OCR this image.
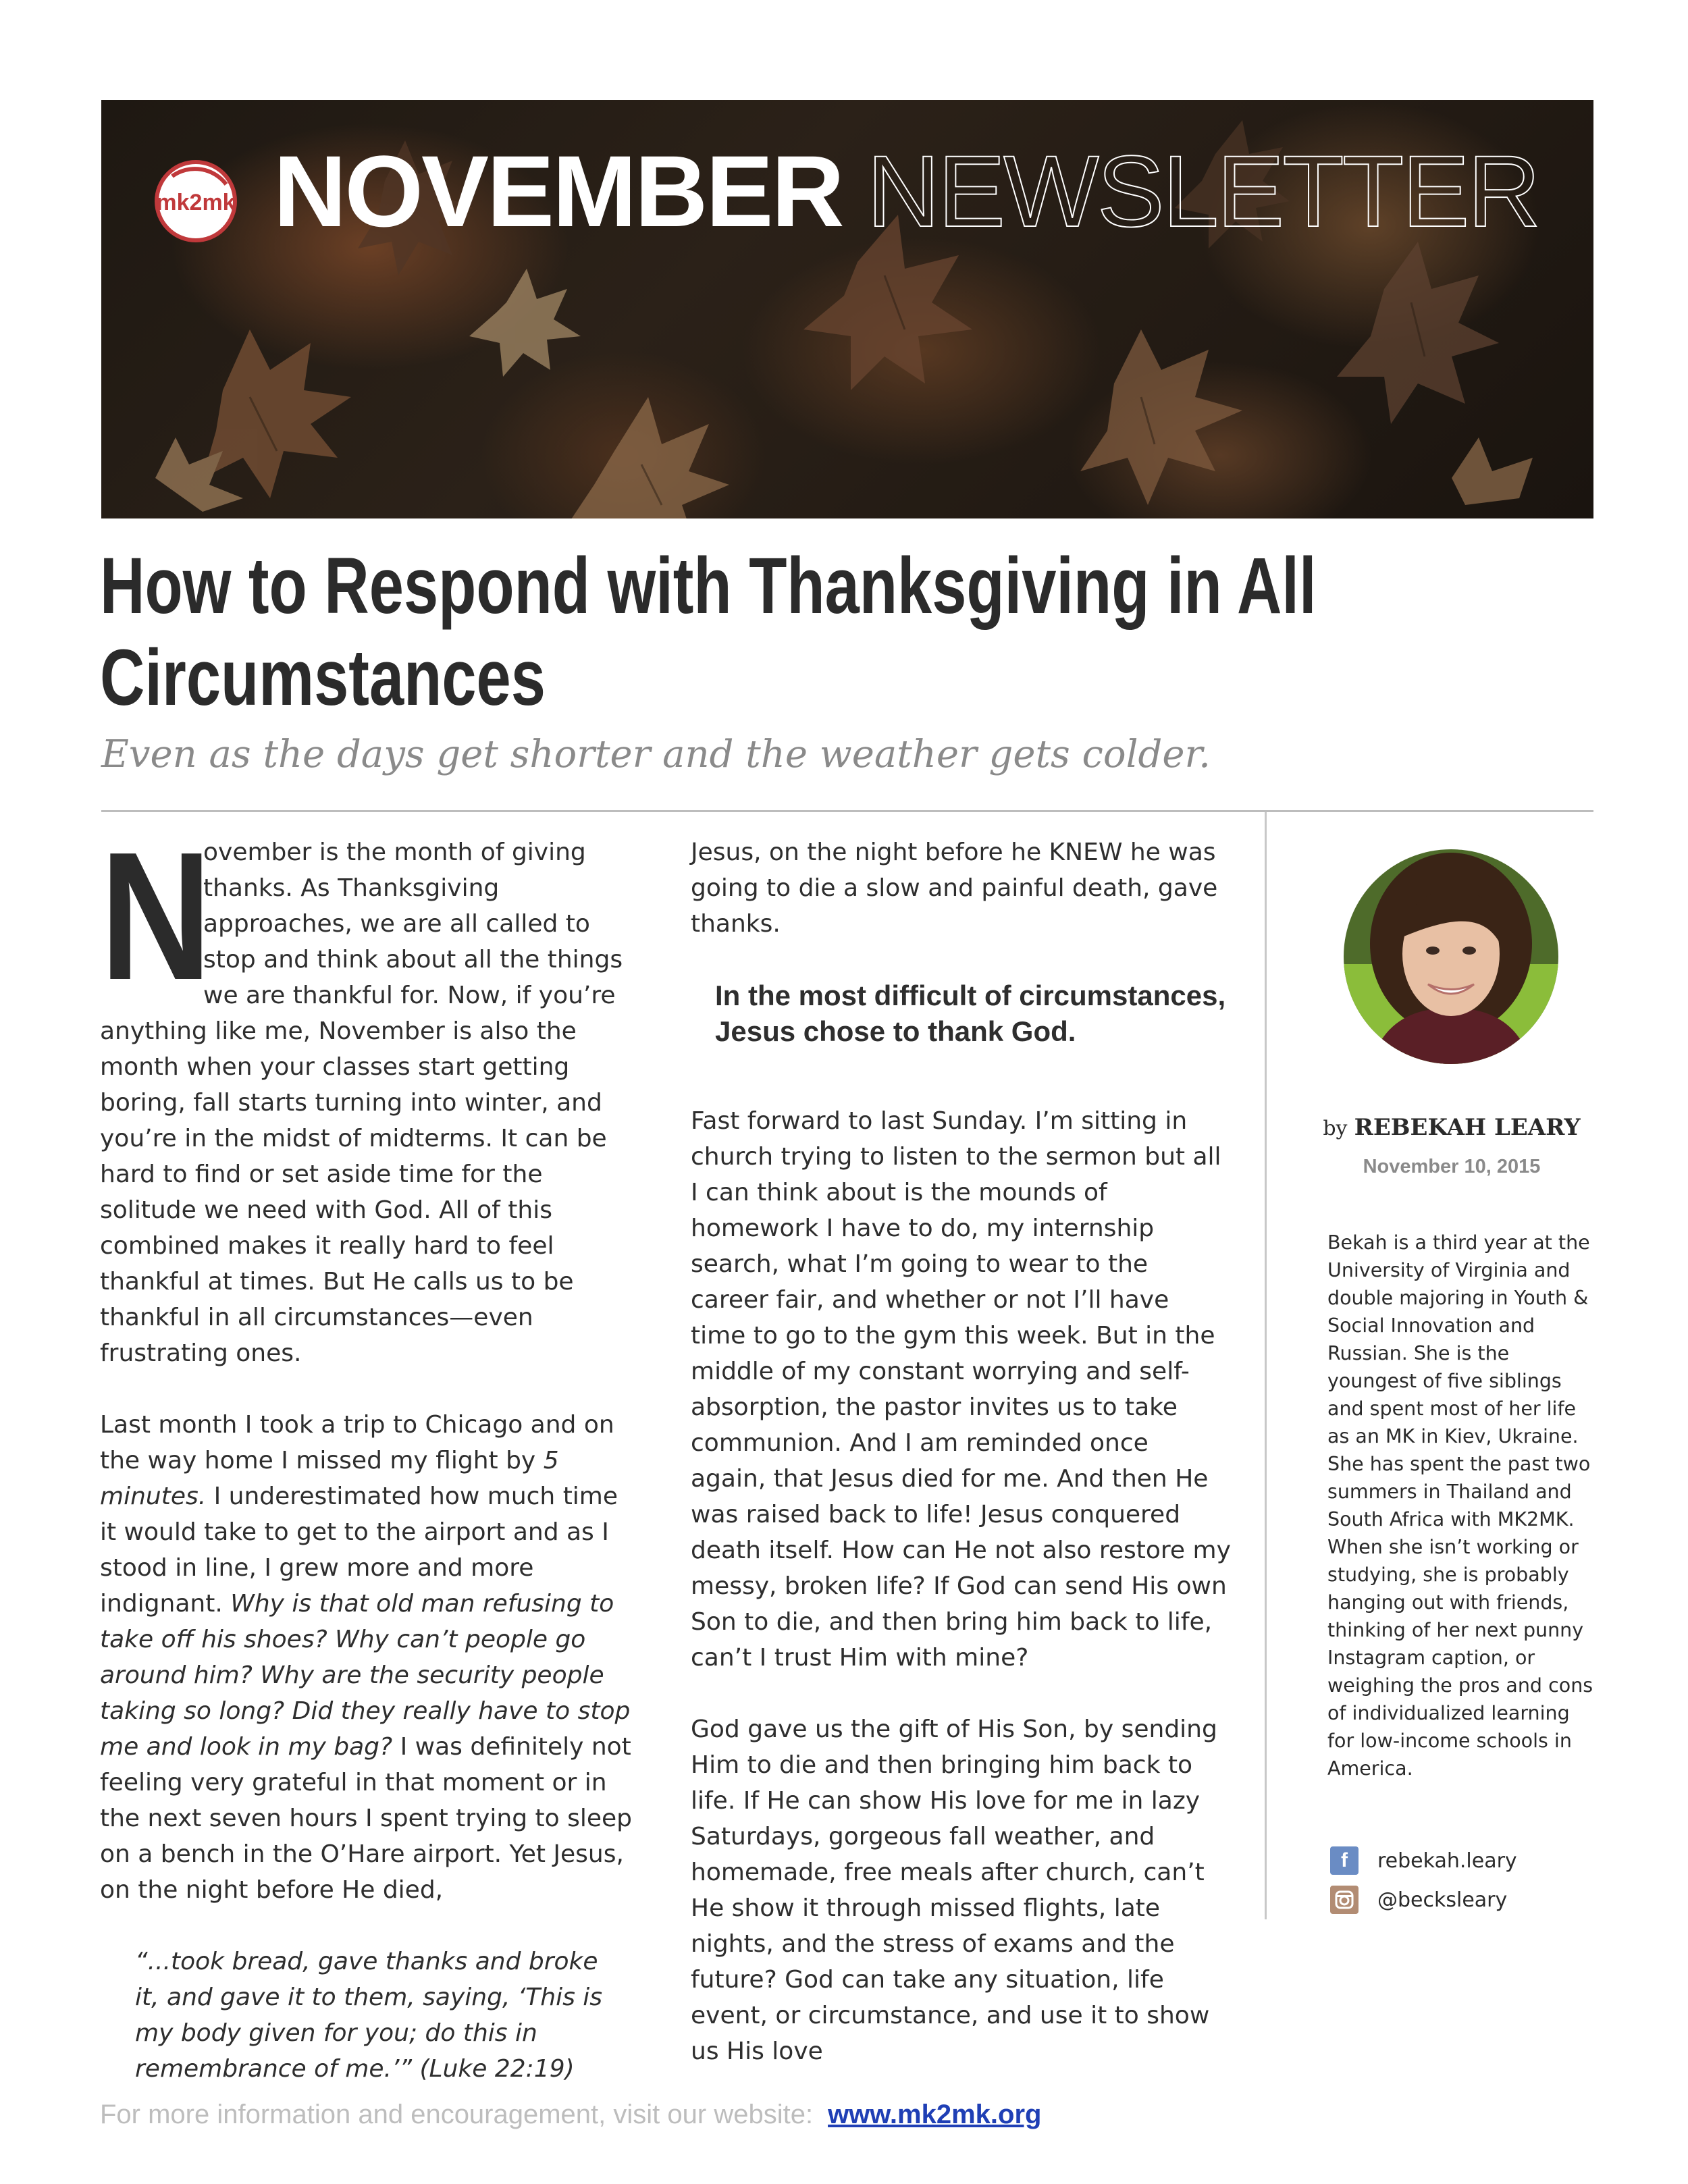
mk2mk NOVEMBER NEWSLETTER
How to Respond with Thanksgiving in All
Circumstances

Even as the days get shorter and the weather gets colder.

N
ovember is the month of giving thanks. As Thanksgiving approaches, we are all called to stop and think about all the things we are thankful for. Now, if you’re anything like me, November is also the month when your classes start getting boring, fall starts turning into winter, and you’re in the midst of midterms. It can be hard to find or set aside time for the solitude we need with God. All of this combined makes it really hard to feel thankful at times. But He calls us to be thankful in all circumstances—even frustrating ones.

Last month I took a trip to Chicago and on the way home I missed my flight by 5 minutes. I underestimated how much time it would take to get to the airport and as I stood in line, I grew more and more indignant. Why is that old man refusing to take off his shoes? Why can’t people go around him? Why are the security people taking so long? Did they really have to stop me and look in my bag? I was definitely not feeling very grateful in that moment or in the next seven hours I spent trying to sleep on a bench in the O’Hare airport. Yet Jesus, on the night before He died,

“...took bread, gave thanks and broke it, and gave it to them, saying, ‘This is my body given for you; do this in remembrance of me.’” (Luke 22:19)

Jesus, on the night before he KNEW he was going to die a slow and painful death, gave thanks.

In the most difficult of circumstances, Jesus chose to thank God.

Fast forward to last Sunday. I’m sitting in church trying to listen to the sermon but all I can think about is the mounds of homework I have to do, my internship search, what I’m going to wear to the career fair, and whether or not I’ll have time to go to the gym this week. But in the middle of my constant worrying and self-absorption, the pastor invites us to take communion. And I am reminded once again, that Jesus died for me. And then He was raised back to life! Jesus conquered death itself. How can He not also restore my messy, broken life? If God can send His own Son to die, and then bring him back to life, can’t I trust Him with mine?

God gave us the gift of His Son, by sending Him to die and then bringing him back to life. If He can show His love for me in lazy Saturdays, gorgeous fall weather, and homemade, free meals after church, can’t He show it through missed flights, late nights, and the stress of exams and the future? God can take any situation, life event, or circumstance, and use it to show us His love

by REBEKAH LEARY
November 10, 2015

Bekah is a third year at the University of Virginia and double majoring in Youth & Social Innovation and Russian. She is the youngest of five siblings and spent most of her life as an MK in Kiev, Ukraine. She has spent the past two summers in Thailand and South Africa with MK2MK. When she isn’t working or studying, she is probably hanging out with friends, thinking of her next punny Instagram caption, or weighing the pros and cons of individualized learning for low-income schools in America.

f	rebekah.leary
@becksleary
For more information and encouragement, visit our website: www.mk2mk.org
